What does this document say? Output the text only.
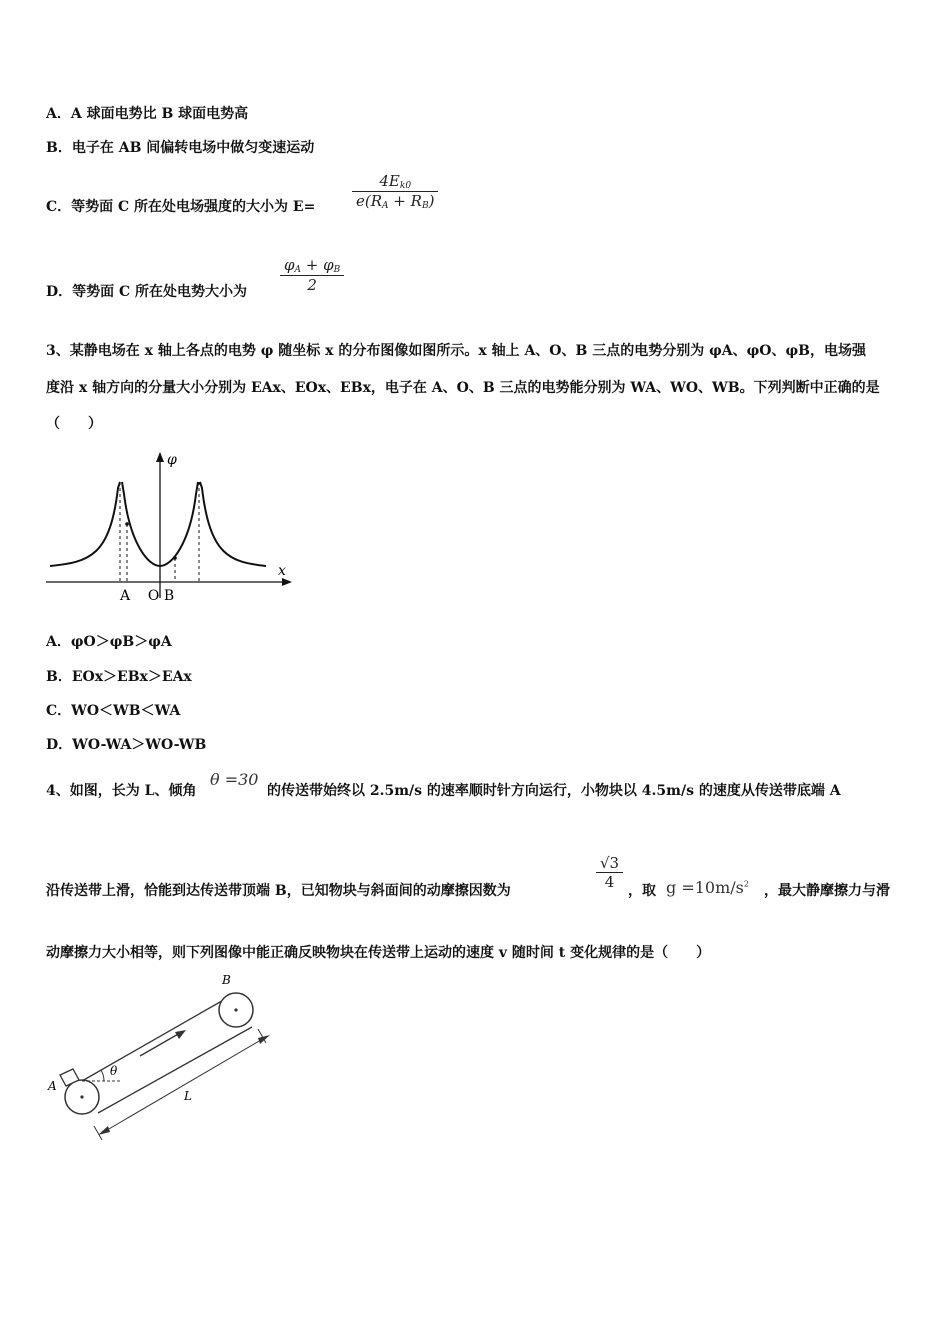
A．A 球面电势比 B 球面电势高
B．电子在 AB 间偏转电场中做匀变速运动
C．等势面 C 所在处电场强度的大小为 E=
$4E_{k0}$
$e(R_A + R_B)$
D．等势面 C 所在处电势大小为
$\varphi_A + \varphi_B$
2
3、某静电场在 x 轴上各点的电势 φ 随坐标 x 的分布图像如图所示。x 轴上 A、O、B 三点的电势分别为 φA、φO、φB，电场强
度沿 x 轴方向的分量大小分别为 EAx、EOx、EBx，电子在 A、O、B 三点的电势能分别为 WA、WO、WB。下列判断中正确的是
（　　）
φ
x
A    O B
A．φO＞φB＞φA
B．EOx＞EBx＞EAx
C．WO＜WB＜WA
D．WO-WA＞WO-WB
4、如图，长为 L、倾角
θ =30
的传送带始终以 2.5m/s 的速率顺时针方向运行，小物块以 4.5m/s 的速度从传送带底端 A
沿传送带上滑，恰能到达传送带顶端 B，已知物块与斜面间的动摩擦因数为
√3
4 ，取 $g =10m/s^2$ ，最大静摩擦力与滑
动摩擦力大小相等，则下列图像中能正确反映物块在传送带上运动的速度 v 随时间 t 变化规律的是（　　）
θ
L
A
B
